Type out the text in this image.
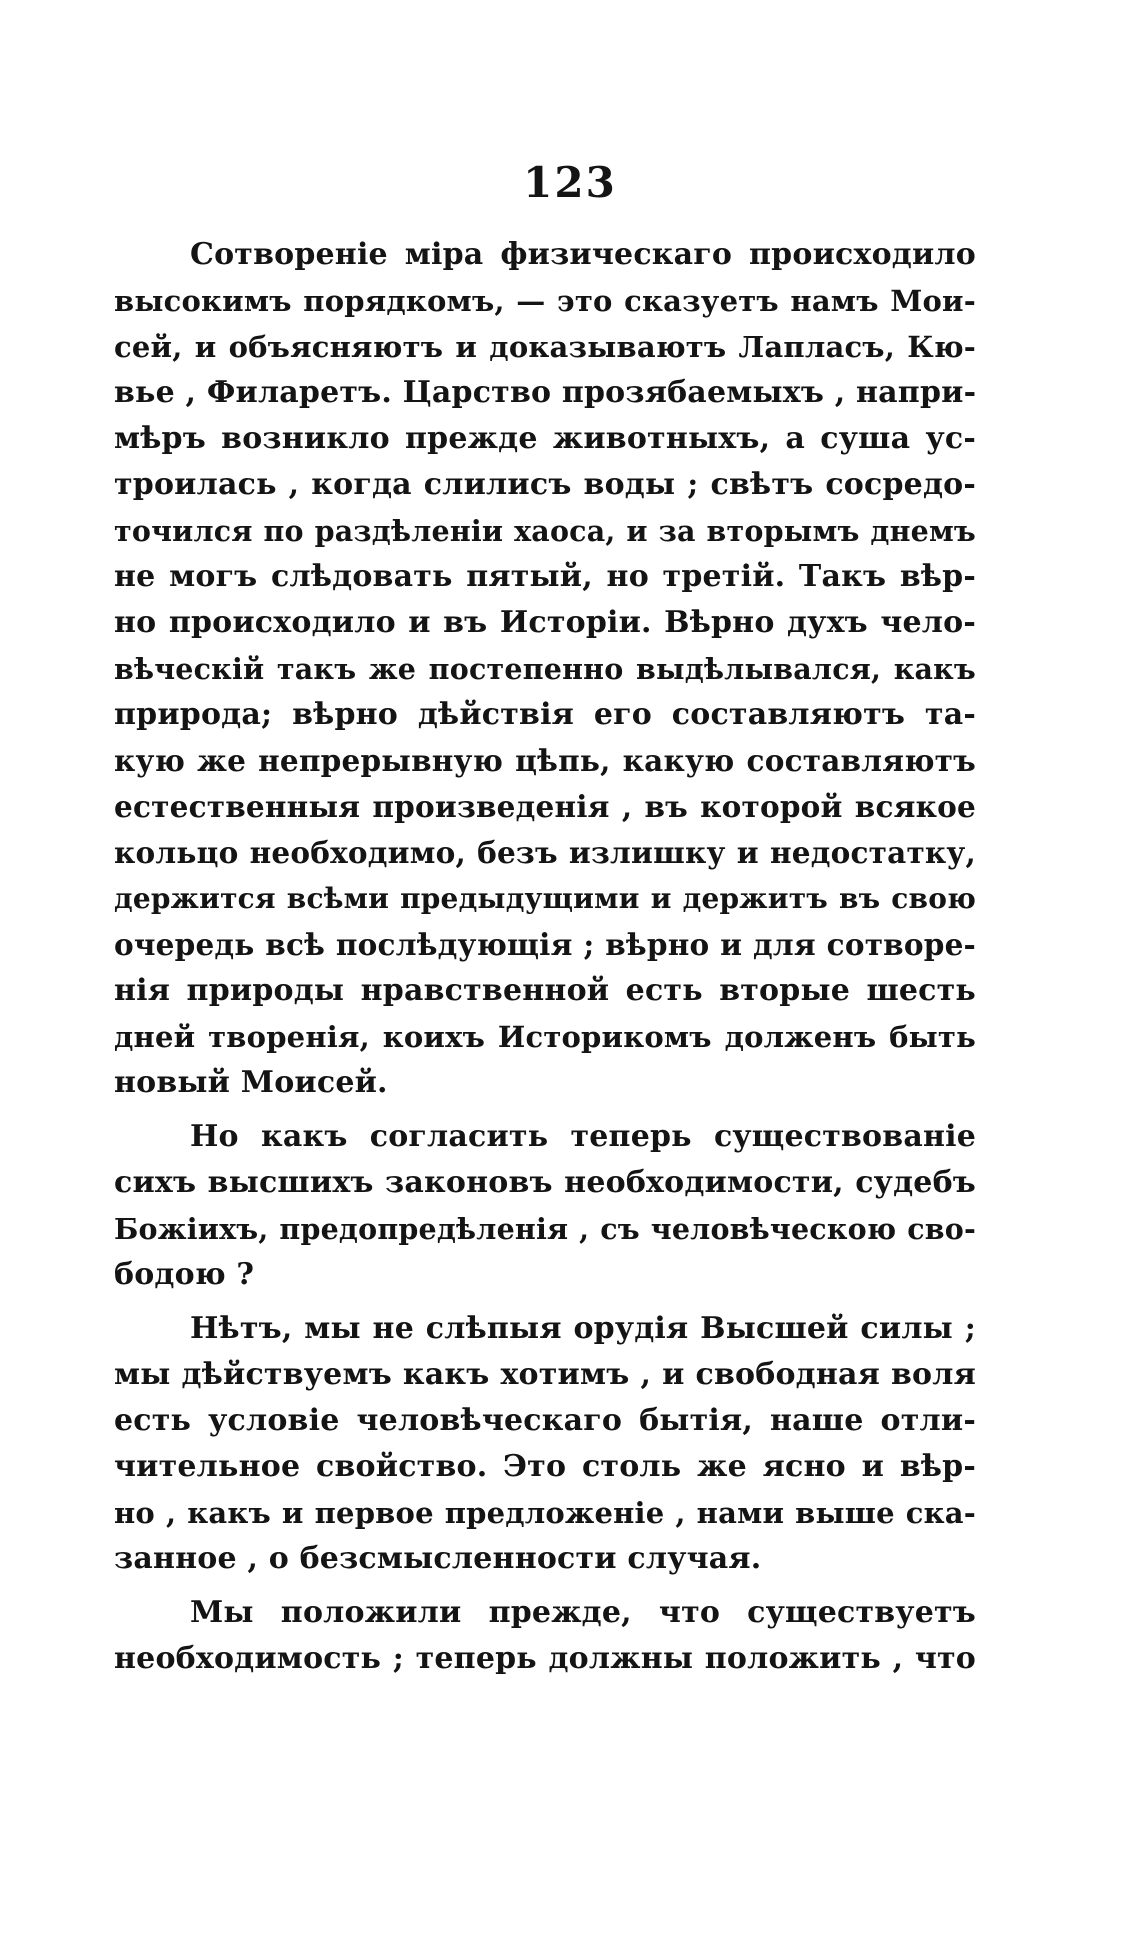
123
Сотвореніе міра физическаго происходило
высокимъ порядкомъ, — это сказуетъ намъ Мои-
сей, и объясняютъ и доказываютъ Лапласъ, Кю-
вье , Филаретъ. Царство прозябаемыхъ , напри-
мѣръ возникло прежде животныхъ, а суша ус-
троилась , когда слилисъ воды ; свѣтъ сосредо-
точился по раздѣленіи хаоса, и за вторымъ днемъ
не могъ слѣдовать пятый, но третій. Такъ вѣр-
но происходило и въ Исторіи. Вѣрно духъ чело-
вѣческій такъ же постепенно выдѣлывался, какъ
природа; вѣрно дѣйствія его составляютъ та-
кую же непрерывную цѣпь, какую составляютъ
естественныя произведенія , въ которой всякое
кольцо необходимо, безъ излишку и недостатку,
держится всѣми предыдущими и держитъ въ свою
очередь всѣ послѣдующія ; вѣрно и для сотворе-
нія природы нравственной есть вторые шесть
дней творенія, коихъ Историкомъ долженъ быть
новый Моисей.
Но какъ согласить теперь существованіе
сихъ высшихъ законовъ необходимости, судебъ
Божіихъ, предопредѣленія , съ человѣческою сво-
бодою ?
Нѣтъ, мы не слѣпыя орудія Высшей силы ;
мы дѣйствуемъ какъ хотимъ , и свободная воля
есть условіе человѣческаго бытія, наше отли-
чительное свойство. Это столь же ясно и вѣр-
но , какъ и первое предложеніе , нами выше ска-
занное , о безсмысленности случая.
Мы положили прежде, что существуетъ
необходимость ; теперь должны положить , что
